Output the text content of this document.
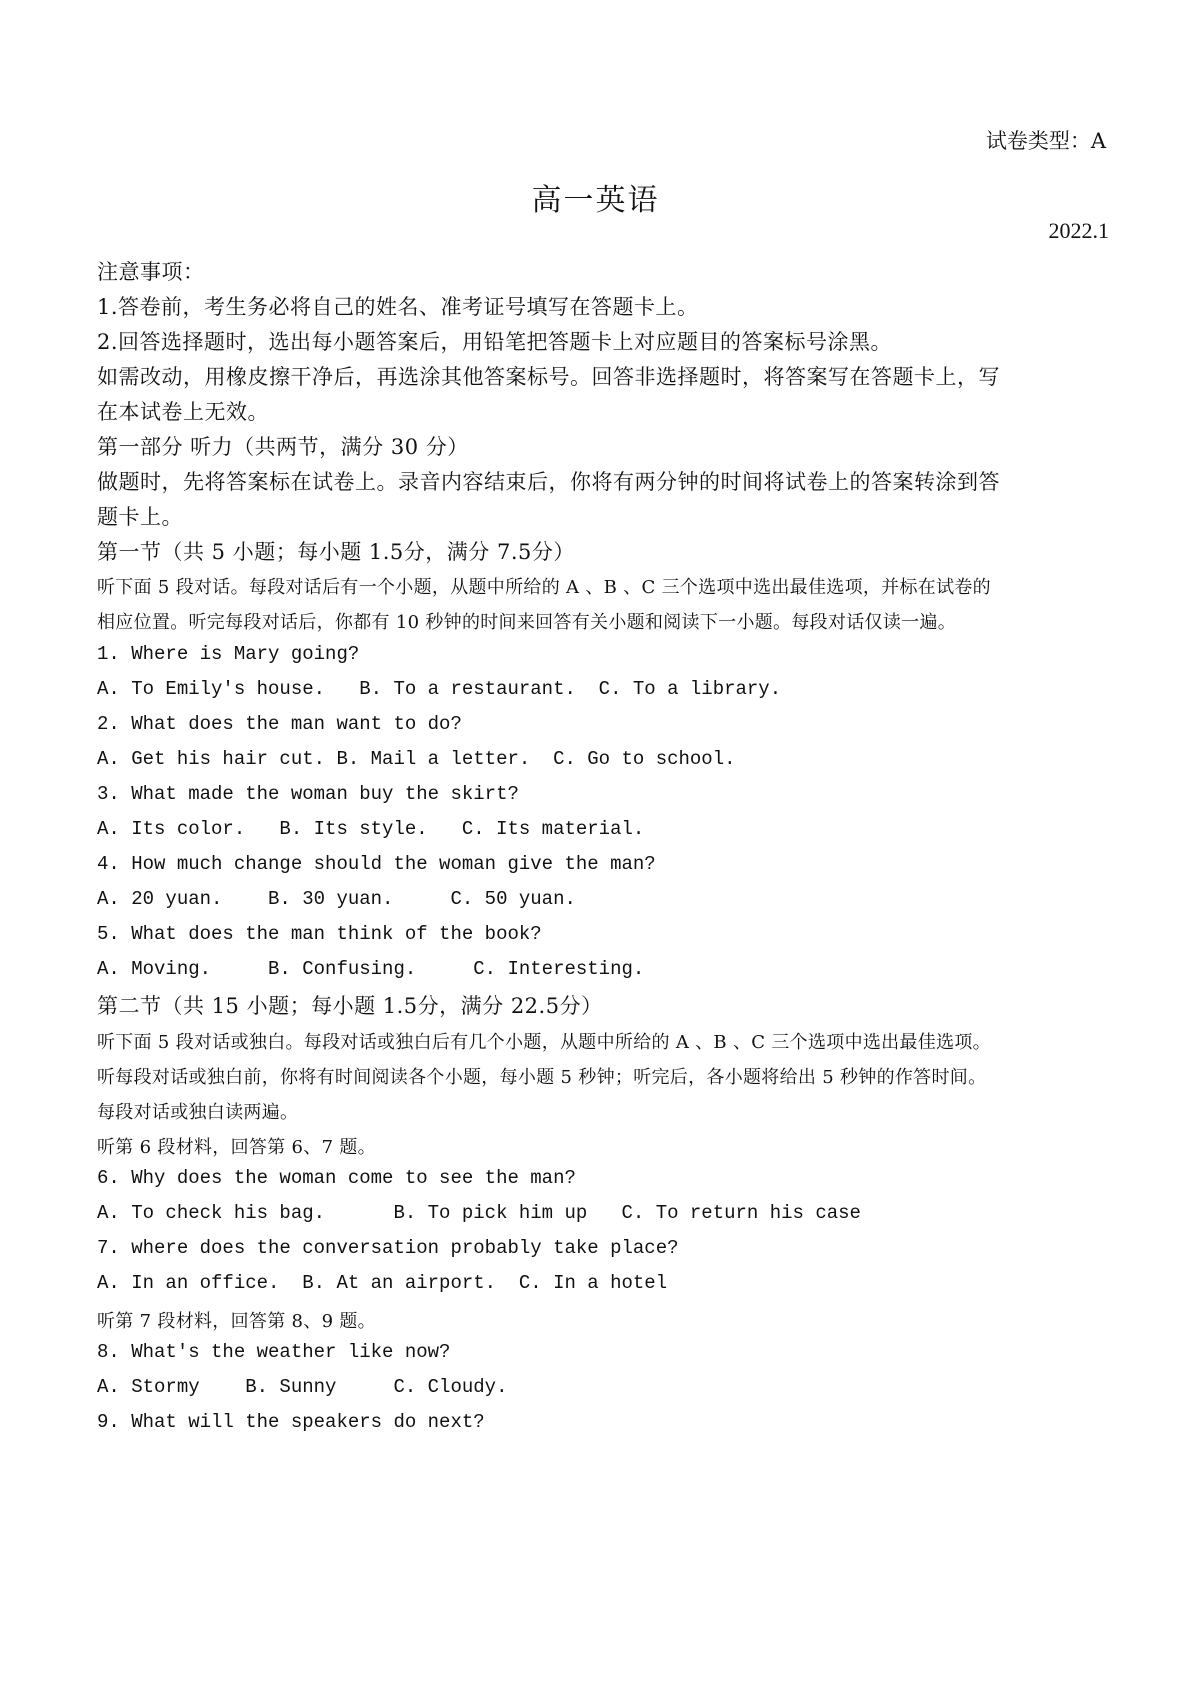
试卷类型：A
高一英语
2022.1
注意事项：
1.答卷前，考生务必将自己的姓名、准考证号填写在答题卡上。
2.回答选择题时，选出每小题答案后，用铅笔把答题卡上对应题目的答案标号涂黑。
如需改动，用橡皮擦干净后，再选涂其他答案标号。回答非选择题时，将答案写在答题卡上，写
在本试卷上无效。
第一部分 听力（共两节，满分 30 分）
做题时，先将答案标在试卷上。录音内容结束后，你将有两分钟的时间将试卷上的答案转涂到答
题卡上。
第一节（共 5 小题；每小题 1.5分，满分 7.5分）
听下面 5 段对话。每段对话后有一个小题，从题中所给的 A 、B 、C 三个选项中选出最佳选项，并标在试卷的
相应位置。听完每段对话后，你都有 10 秒钟的时间来回答有关小题和阅读下一小题。每段对话仅读一遍。
1. Where is Mary going?
A. To Emily's house.   B. To a restaurant.  C. To a library.
2. What does the man want to do?
A. Get his hair cut. B. Mail a letter.  C. Go to school.
3. What made the woman buy the skirt?
A. Its color.   B. Its style.   C. Its material.
4. How much change should the woman give the man?
A. 20 yuan.    B. 30 yuan.     C. 50 yuan.
5. What does the man think of the book?
A. Moving.     B. Confusing.     C. Interesting.
第二节（共 15 小题；每小题 1.5分，满分 22.5分）
听下面 5 段对话或独白。每段对话或独白后有几个小题，从题中所给的 A 、B 、C 三个选项中选出最佳选项。
听每段对话或独白前，你将有时间阅读各个小题，每小题 5 秒钟；听完后，各小题将给出 5 秒钟的作答时间。
每段对话或独白读两遍。
听第 6 段材料，回答第 6、7 题。
6. Why does the woman come to see the man?
A. To check his bag.      B. To pick him up   C. To return his case
7. where does the conversation probably take place?
A. In an office.  B. At an airport.  C. In a hotel
听第 7 段材料，回答第 8、9 题。
8. What's the weather like now?
A. Stormy    B. Sunny     C. Cloudy.
9. What will the speakers do next?
